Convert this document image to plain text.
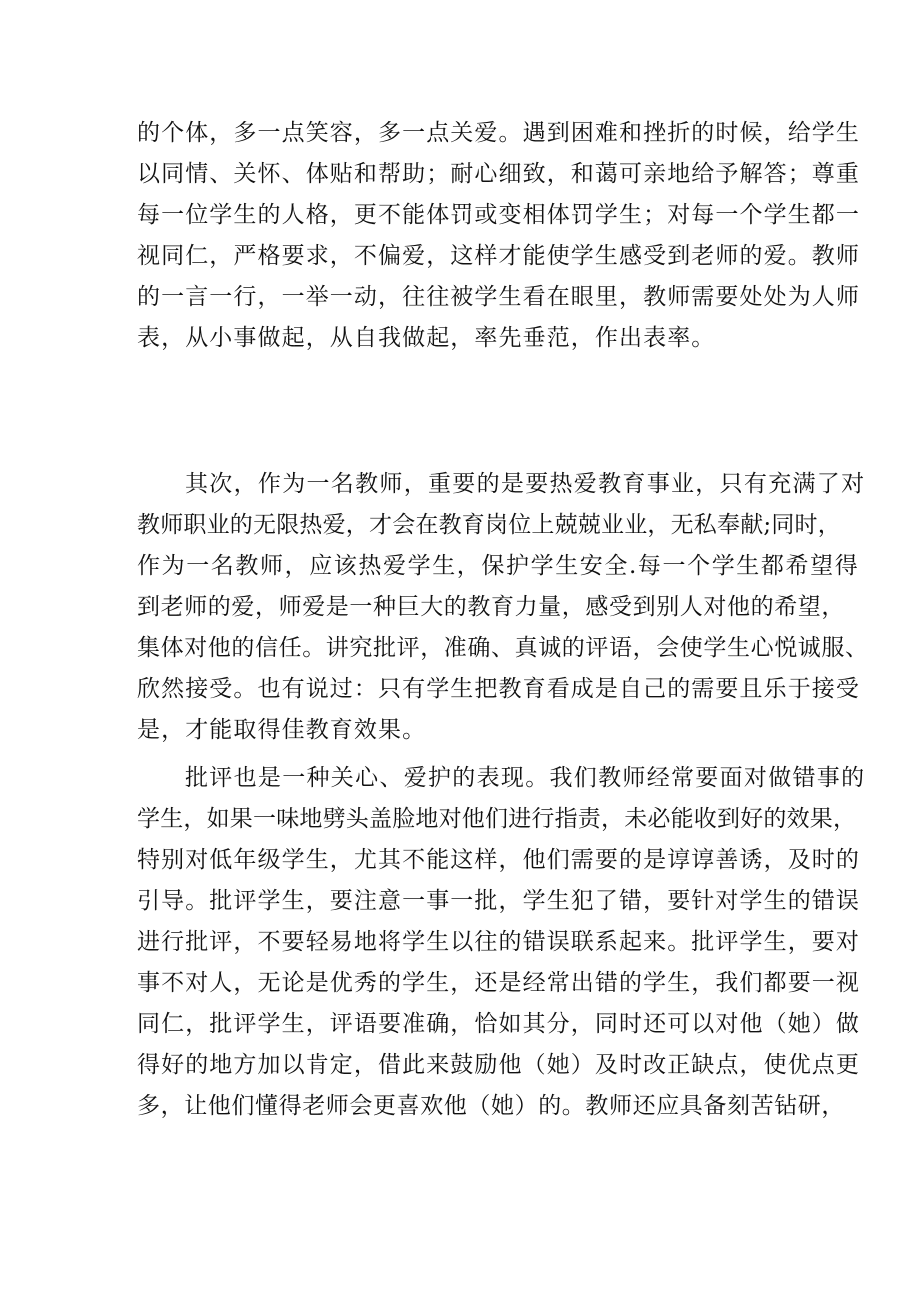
的个体，多一点笑容，多一点关爱。遇到困难和挫折的时候，给学生
以同情、关怀、体贴和帮助；耐心细致，和蔼可亲地给予解答；尊重
每一位学生的人格，更不能体罚或变相体罚学生；对每一个学生都一
视同仁，严格要求，不偏爱，这样才能使学生感受到老师的爱。教师
的一言一行，一举一动，往往被学生看在眼里，教师需要处处为人师
表，从小事做起，从自我做起，率先垂范，作出表率。
其次，作为一名教师，重要的是要热爱教育事业，只有充满了对
教师职业的无限热爱，才会在教育岗位上兢兢业业，无私奉献;同时，
作为一名教师，应该热爱学生，保护学生安全.每一个学生都希望得
到老师的爱，师爱是一种巨大的教育力量，感受到别人对他的希望，
集体对他的信任。讲究批评，准确、真诚的评语，会使学生心悦诚服、
欣然接受。也有说过：只有学生把教育看成是自己的需要且乐于接受
是，才能取得佳教育效果。
批评也是一种关心、爱护的表现。我们教师经常要面对做错事的
学生，如果一味地劈头盖脸地对他们进行指责，未必能收到好的效果，
特别对低年级学生，尤其不能这样，他们需要的是谆谆善诱，及时的
引导。批评学生，要注意一事一批，学生犯了错，要针对学生的错误
进行批评，不要轻易地将学生以往的错误联系起来。批评学生，要对
事不对人，无论是优秀的学生，还是经常出错的学生，我们都要一视
同仁，批评学生，评语要准确，恰如其分，同时还可以对他（她）做
得好的地方加以肯定，借此来鼓励他（她）及时改正缺点，使优点更
多，让他们懂得老师会更喜欢他（她）的。教师还应具备刻苦钻研，
